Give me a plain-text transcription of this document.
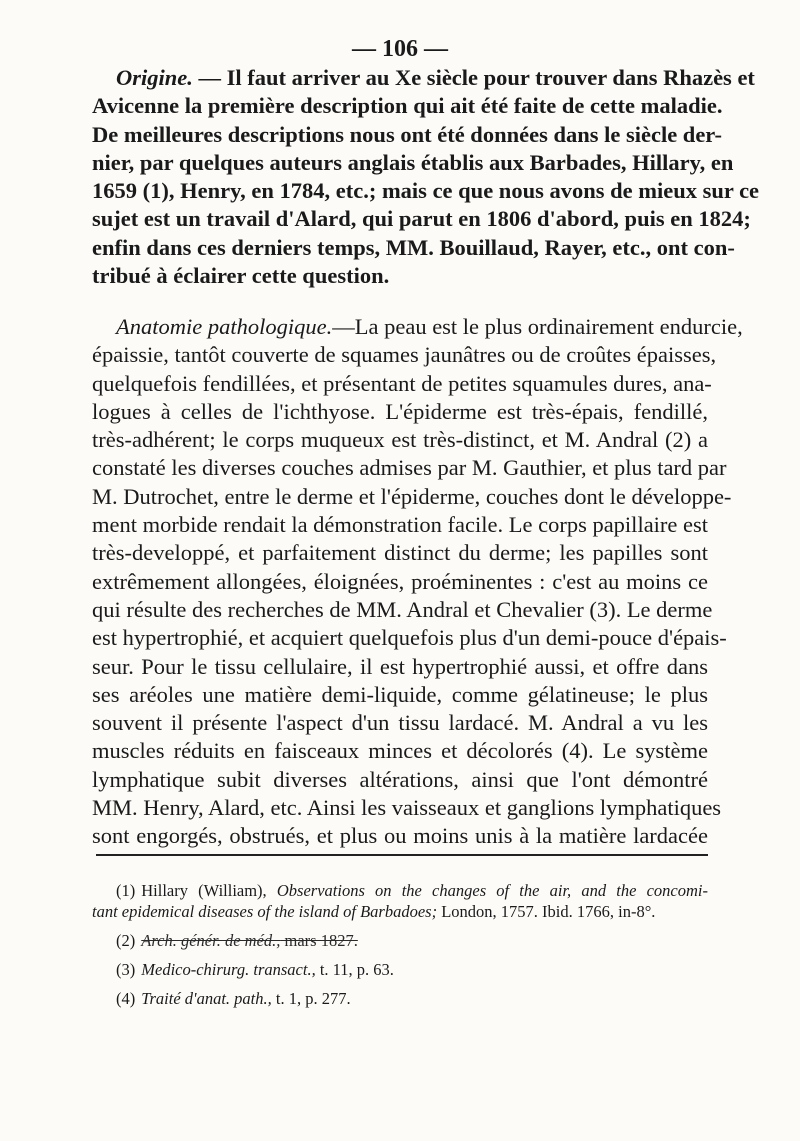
— 106 —
Origine. — Il faut arriver au Xe siècle pour trouver dans Rhazès et
Avicenne la première description qui ait été faite de cette maladie.
De meilleures descriptions nous ont été données dans le siècle der-
nier, par quelques auteurs anglais établis aux Barbades, Hillary, en
1659 (1), Henry, en 1784, etc.; mais ce que nous avons de mieux sur ce
sujet est un travail d'Alard, qui parut en 1806 d'abord, puis en 1824;
enfin dans ces derniers temps, MM. Bouillaud, Rayer, etc., ont con-
tribué à éclairer cette question.
Anatomie pathologique.—La peau est le plus ordinairement endurcie,
épaissie, tantôt couverte de squames jaunâtres ou de croûtes épaisses,
quelquefois fendillées, et présentant de petites squamules dures, ana-
logues à celles de l'ichthyose. L'épiderme est très-épais, fendillé,
très-adhérent; le corps muqueux est très-distinct, et M. Andral (2) a
constaté les diverses couches admises par M. Gauthier, et plus tard par
M. Dutrochet, entre le derme et l'épiderme, couches dont le développe-
ment morbide rendait la démonstration facile. Le corps papillaire est
très-developpé, et parfaitement distinct du derme; les papilles sont
extrêmement allongées, éloignées, proéminentes : c'est au moins ce
qui résulte des recherches de MM. Andral et Chevalier (3). Le derme
est hypertrophié, et acquiert quelquefois plus d'un demi-pouce d'épais-
seur. Pour le tissu cellulaire, il est hypertrophié aussi, et offre dans
ses aréoles une matière demi-liquide, comme gélatineuse; le plus
souvent il présente l'aspect d'un tissu lardacé. M. Andral a vu les
muscles réduits en faisceaux minces et décolorés (4). Le système
lymphatique subit diverses altérations, ainsi que l'ont démontré
MM. Henry, Alard, etc. Ainsi les vaisseaux et ganglions lymphatiques
sont engorgés, obstrués, et plus ou moins unis à la matière lardacée
(1) Hillary (William), Observations on the changes of the air, and the concomi-
tant epidemical diseases of the island of Barbadoes; London, 1757. Ibid. 1766, in-8°.
(2) Arch. génér. de méd., mars 1827.
(3) Medico-chirurg. transact., t. 11, p. 63.
(4) Traité d'anat. path., t. 1, p. 277.
